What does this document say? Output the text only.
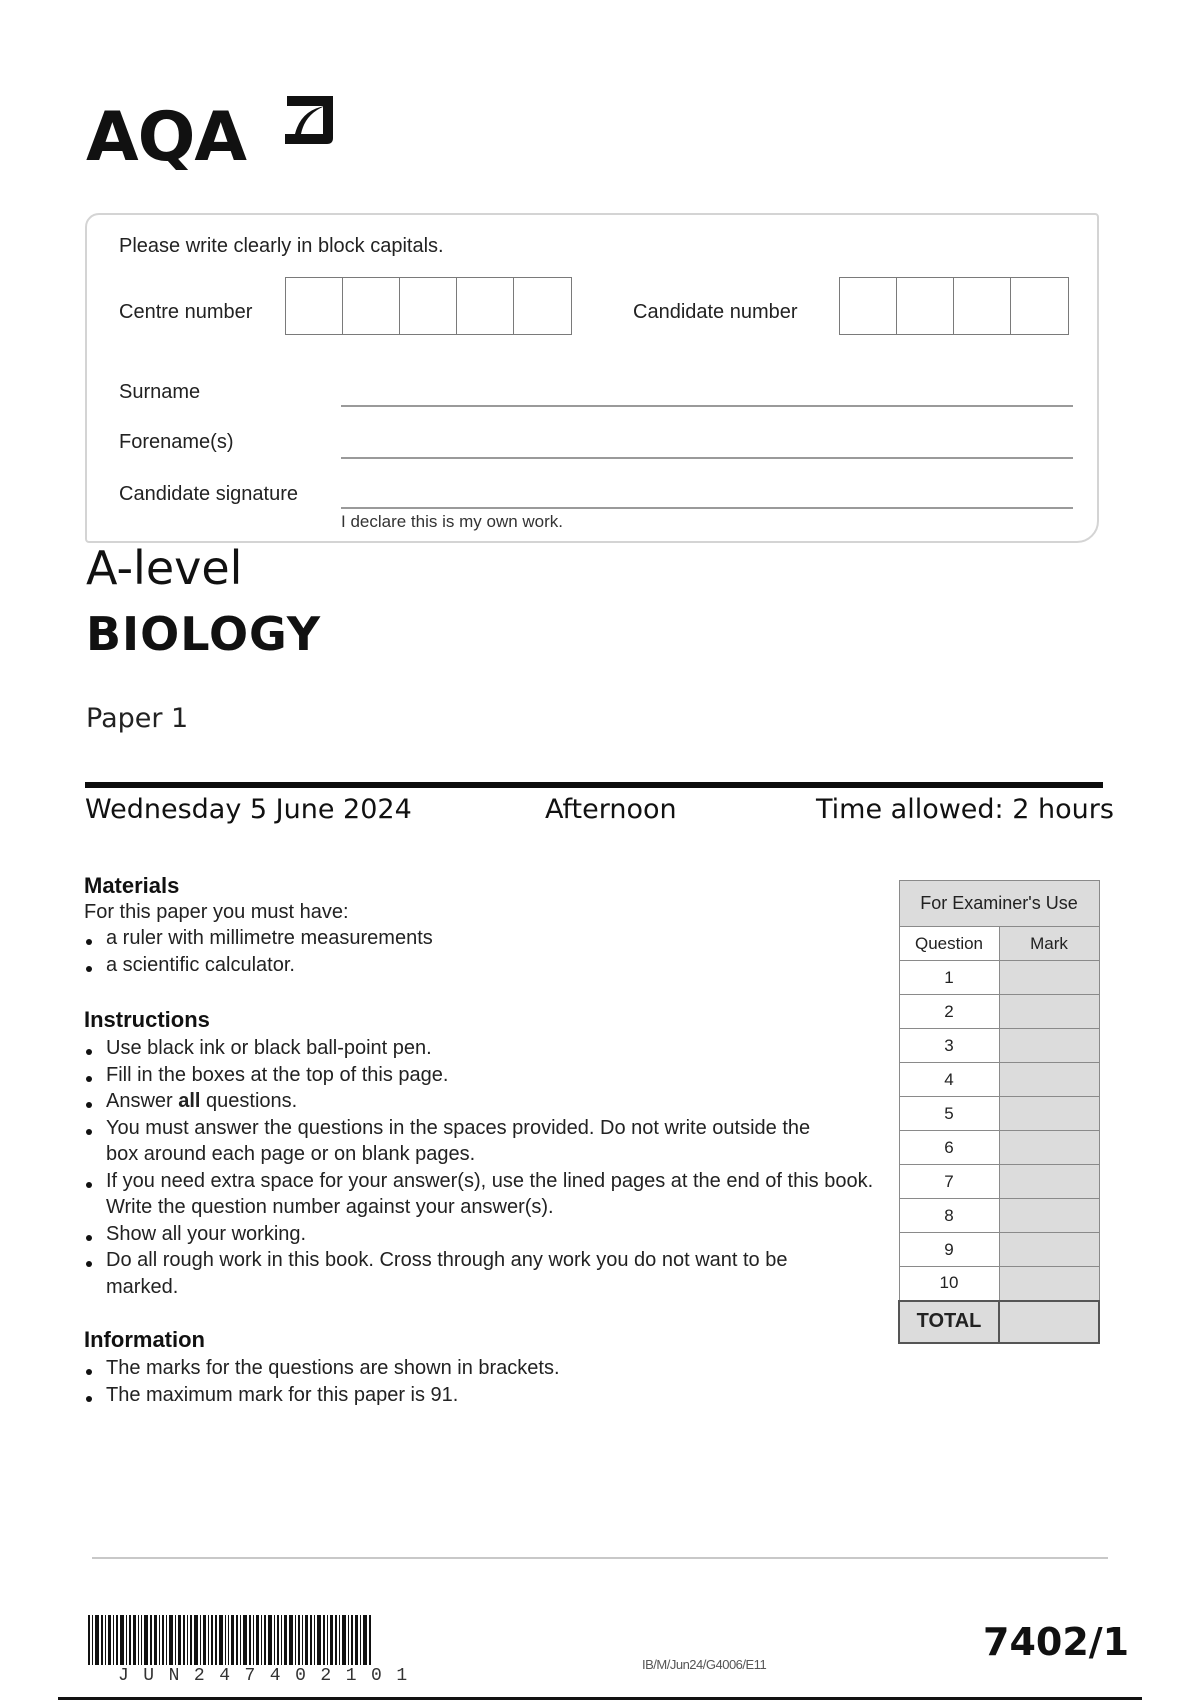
AQA
Please write clearly in block capitals.
Centre number	Candidate number
Surname
Forename(s)
Candidate signature
I declare this is my own work.
A-level
BIOLOGY
Paper 1
Wednesday 5 June 2024	Afternoon	Time allowed: 2 hours
Materials
For this paper you must have:
a ruler with millimetre measurements
a scientific calculator.
Instructions
Use black ink or black ball-point pen.
Fill in the boxes at the top of this page.
Answer all questions.
You must answer the questions in the spaces provided. Do not write outside the box around each page or on blank pages.
If you need extra space for your answer(s), use the lined pages at the end of this book. Write the question number against your answer(s).
Show all your working.
Do all rough work in this book. Cross through any work you do not want to be marked.
Information
The marks for the questions are shown in brackets.
The maximum mark for this paper is 91.
For Examiner's Use	
Question	Mark
1	
2	
3	
4	
5	
6	
7	
8	
9	
10	
TOTAL	
JUN247402101
IB/M/Jun24/G4006/E11
7402/1
